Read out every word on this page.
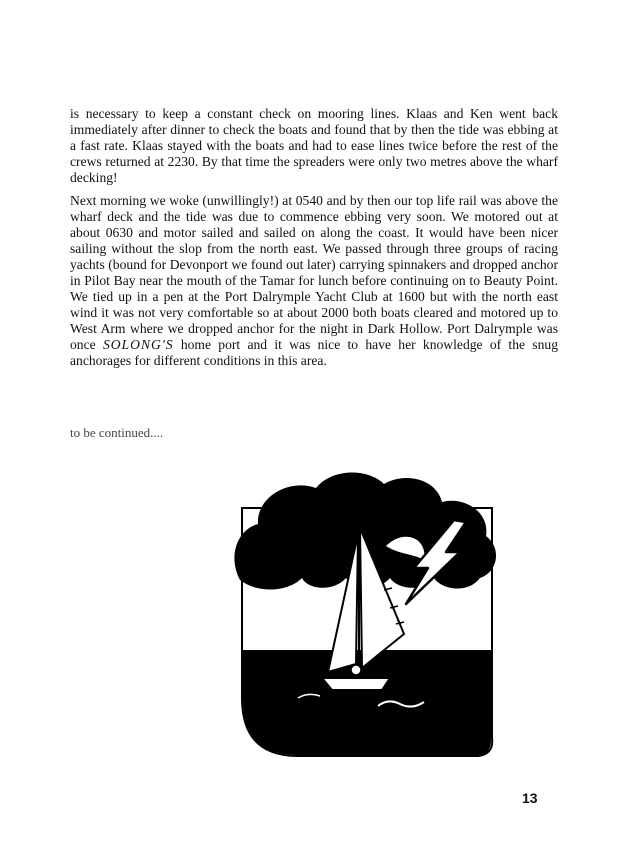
is necessary to keep a constant check on mooring lines. Klaas and Ken went back immediately after dinner to check the boats and found that by then the tide was ebbing at a fast rate. Klaas stayed with the boats and had to ease lines twice before the rest of the crews returned at 2230. By that time the spreaders were only two metres above the wharf decking!

Next morning we woke (unwillingly!) at 0540 and by then our top life rail was above the wharf deck and the tide was due to commence ebbing very soon. We motored out at about 0630 and motor sailed and sailed on along the coast. It would have been nicer sailing without the slop from the north east. We passed through three groups of racing yachts (bound for Devonport we found out later) carrying spinnakers and dropped anchor in Pilot Bay near the mouth of the Tamar for lunch before continuing on to Beauty Point. We tied up in a pen at the Port Dalrymple Yacht Club at 1600 but with the north east wind it was not very comfortable so at about 2000 both boats cleared and motored up to West Arm where we dropped anchor for the night in Dark Hollow. Port Dalrymple was once SOLONG'S home port and it was nice to have her knowledge of the snug anchorages for different conditions in this area.

to be continued....
13
